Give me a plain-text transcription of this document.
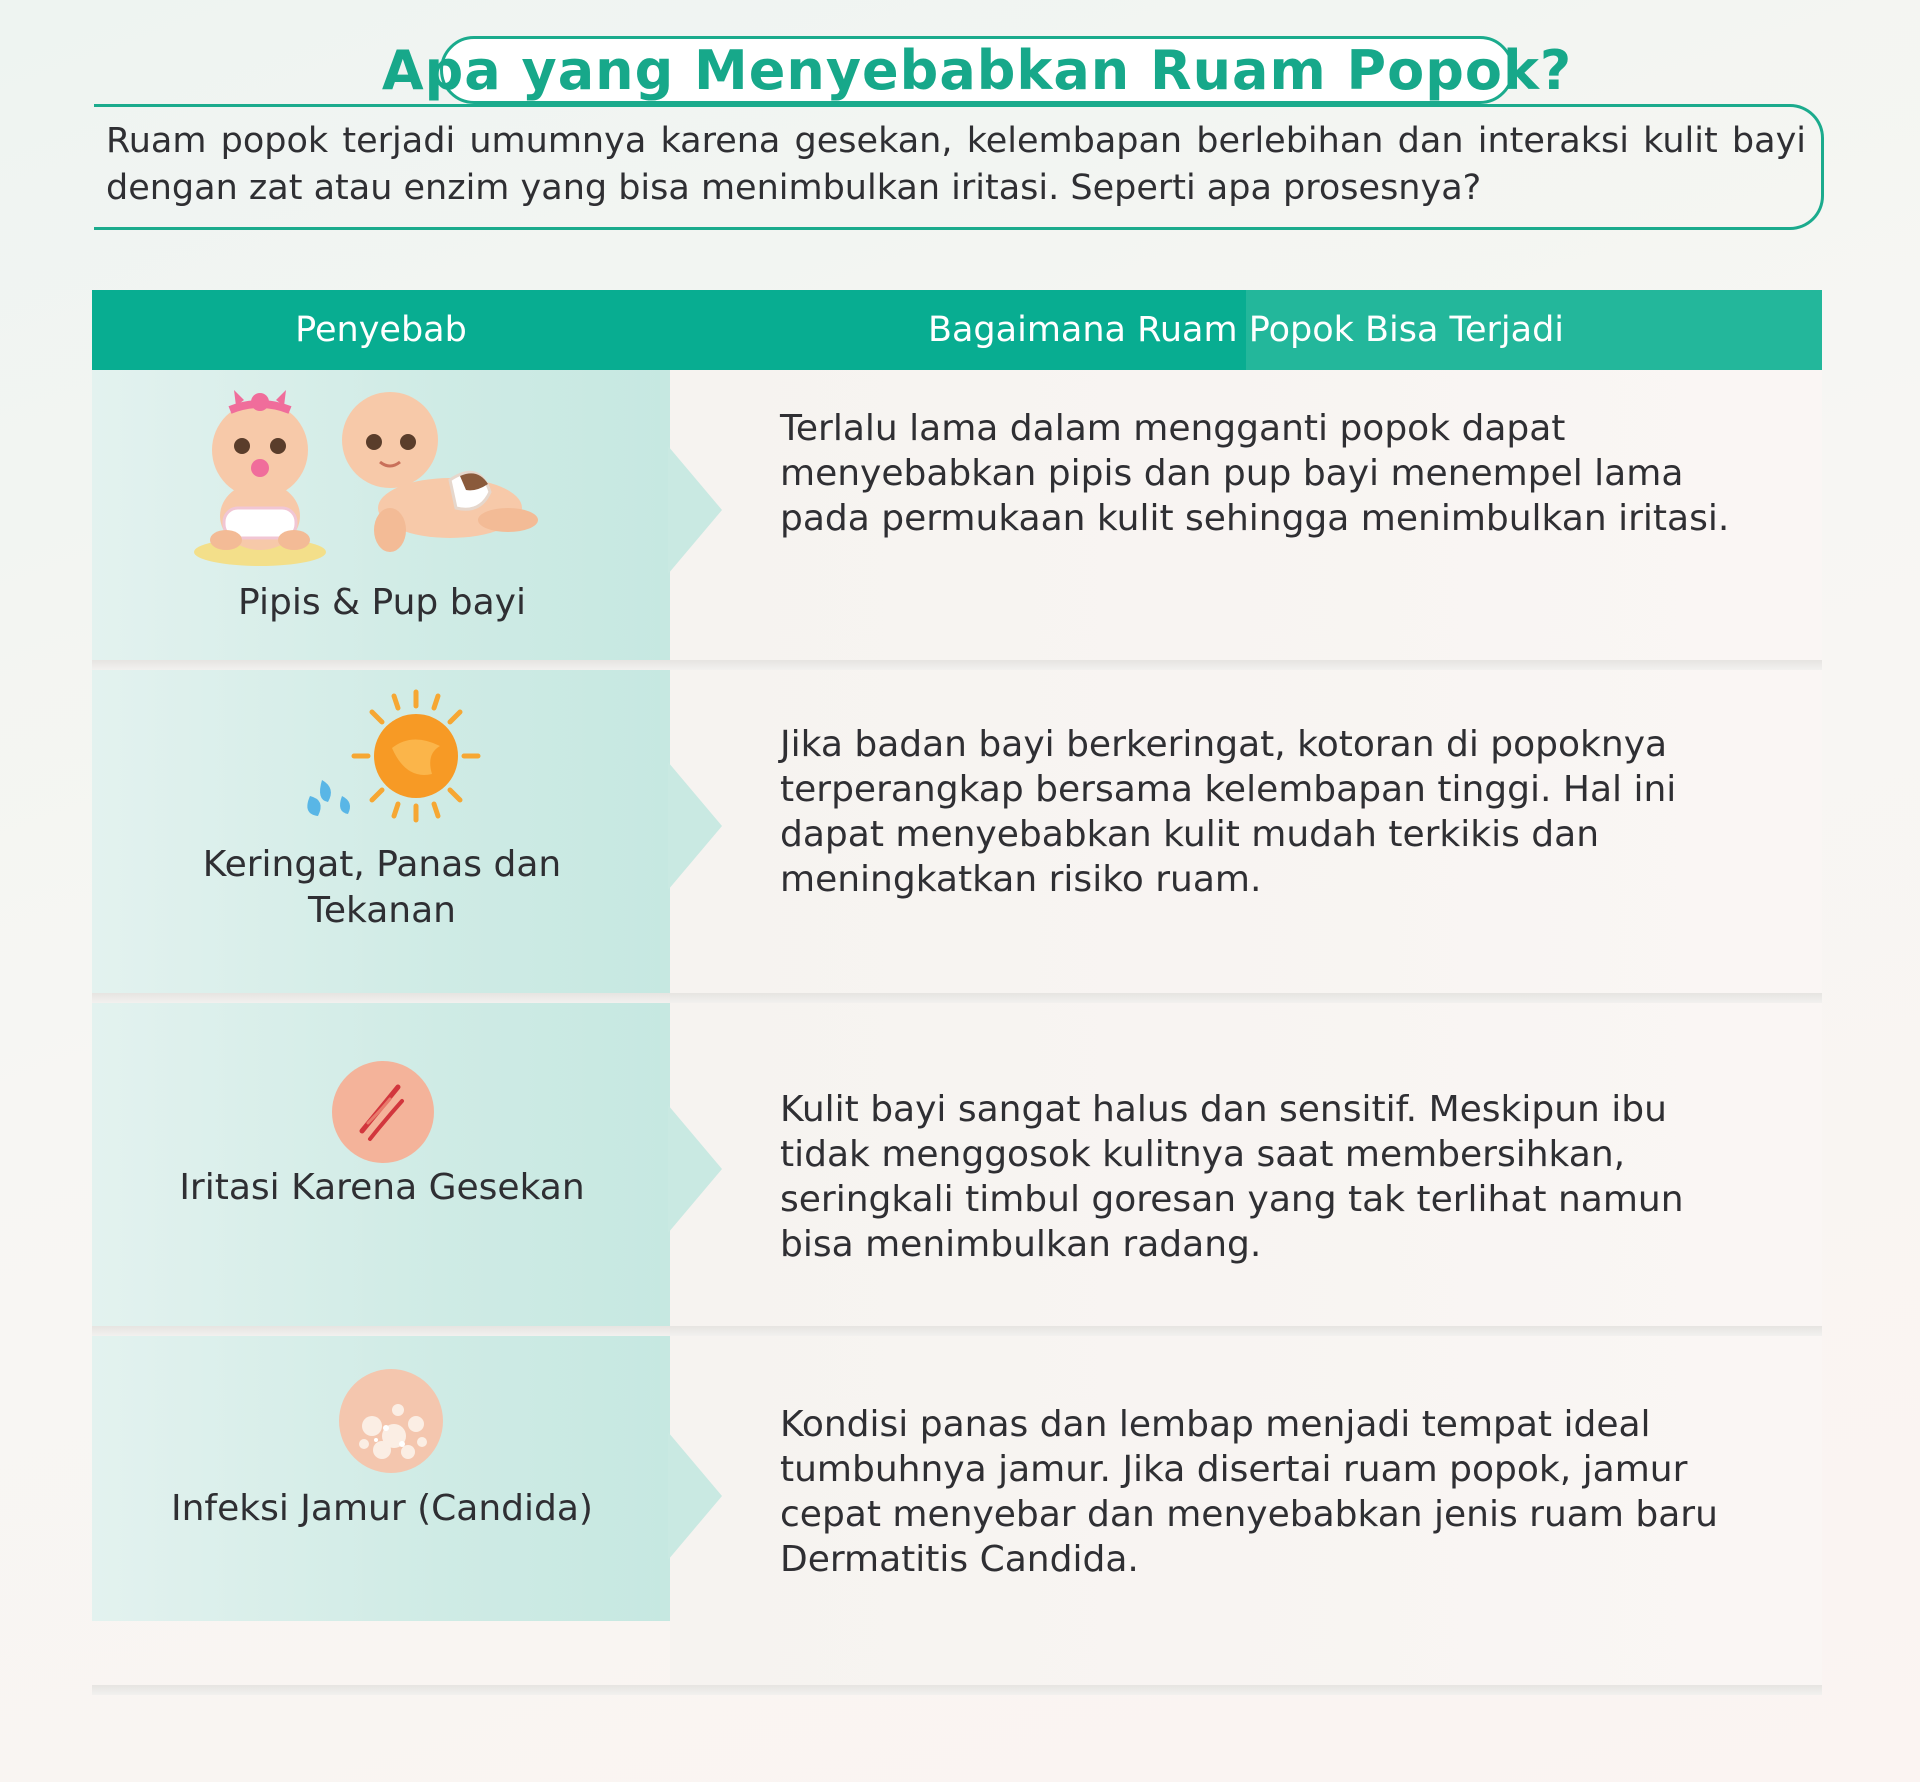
Apa yang Menyebabkan Ruam Popok?

Ruam popok terjadi umumnya karena gesekan, kelembapan berlebihan dan interaksi kulit bayi dengan zat atau enzim yang bisa menimbulkan iritasi. Seperti apa prosesnya?

Penyebab	Bagaimana Ruam Popok Bisa Terjadi
Pipis & Pup bayi

Terlalu lama dalam mengganti popok dapat menyebabkan pipis dan pup bayi menempel lama pada permukaan kulit sehingga menimbulkan iritasi.

Keringat, Panas dan Tekanan

Jika badan bayi berkeringat, kotoran di popoknya terperangkap bersama kelembapan tinggi. Hal ini dapat menyebabkan kulit mudah terkikis dan meningkatkan risiko ruam.

Iritasi Karena Gesekan

Kulit bayi sangat halus dan sensitif. Meskipun ibu tidak menggosok kulitnya saat membersihkan, seringkali timbul goresan yang tak terlihat namun bisa menimbulkan radang.

Infeksi Jamur (Candida)

Kondisi panas dan lembap menjadi tempat ideal tumbuhnya jamur. Jika disertai ruam popok, jamur cepat menyebar dan menyebabkan jenis ruam baru Dermatitis Candida.
